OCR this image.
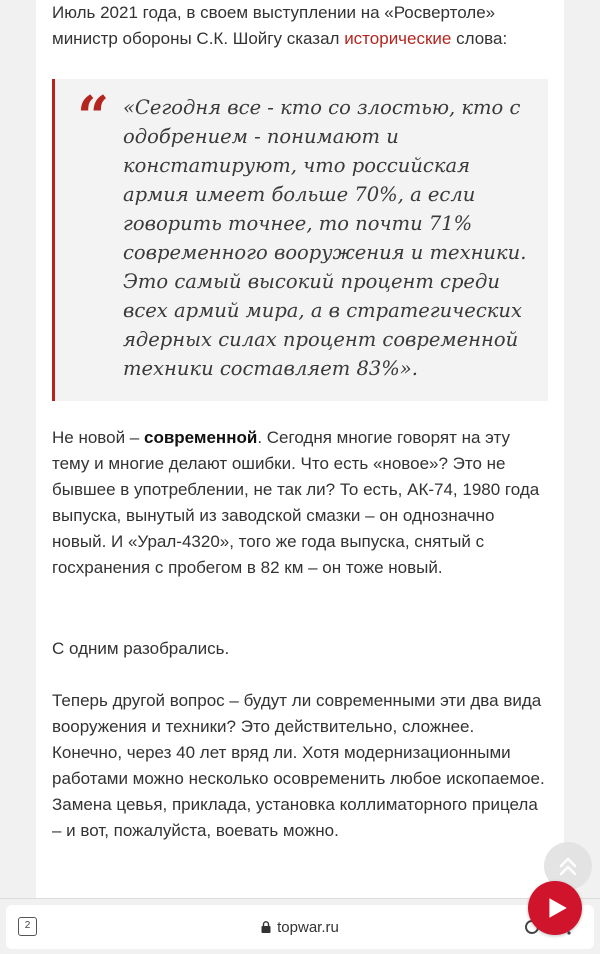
Июль 2021 года, в своем выступлении на «Росвертоле» министр обороны С.К. Шойгу сказал исторические слова:

“ «Сегодня все - кто со злостью, кто с одобрением - понимают и констатируют, что российская армия имеет больше 70%, а если говорить точнее, то почти 71% современного вооружения и техники. Это самый высокий процент среди всех армий мира, а в стратегических ядерных силах процент современной техники составляет 83%».

Не новой – современной. Сегодня многие говорят на эту тему и многие делают ошибки. Что есть «новое»? Это не бывшее в употреблении, не так ли? То есть, АК-74, 1980 года выпуска, вынутый из заводской смазки – он однозначно новый. И «Урал-4320», того же года выпуска, снятый с госхранения с пробегом в 82 км – он тоже новый.

С одним разобрались.

Теперь другой вопрос – будут ли современными эти два вида вооружения и техники? Это действительно, сложнее. Конечно, через 40 лет вряд ли. Хотя модернизационными работами можно несколько осовременить любое ископаемое. Замена цевья, приклада, установка коллиматорного прицела – и вот, пожалуйста, воевать можно.

2	topwar.ru
